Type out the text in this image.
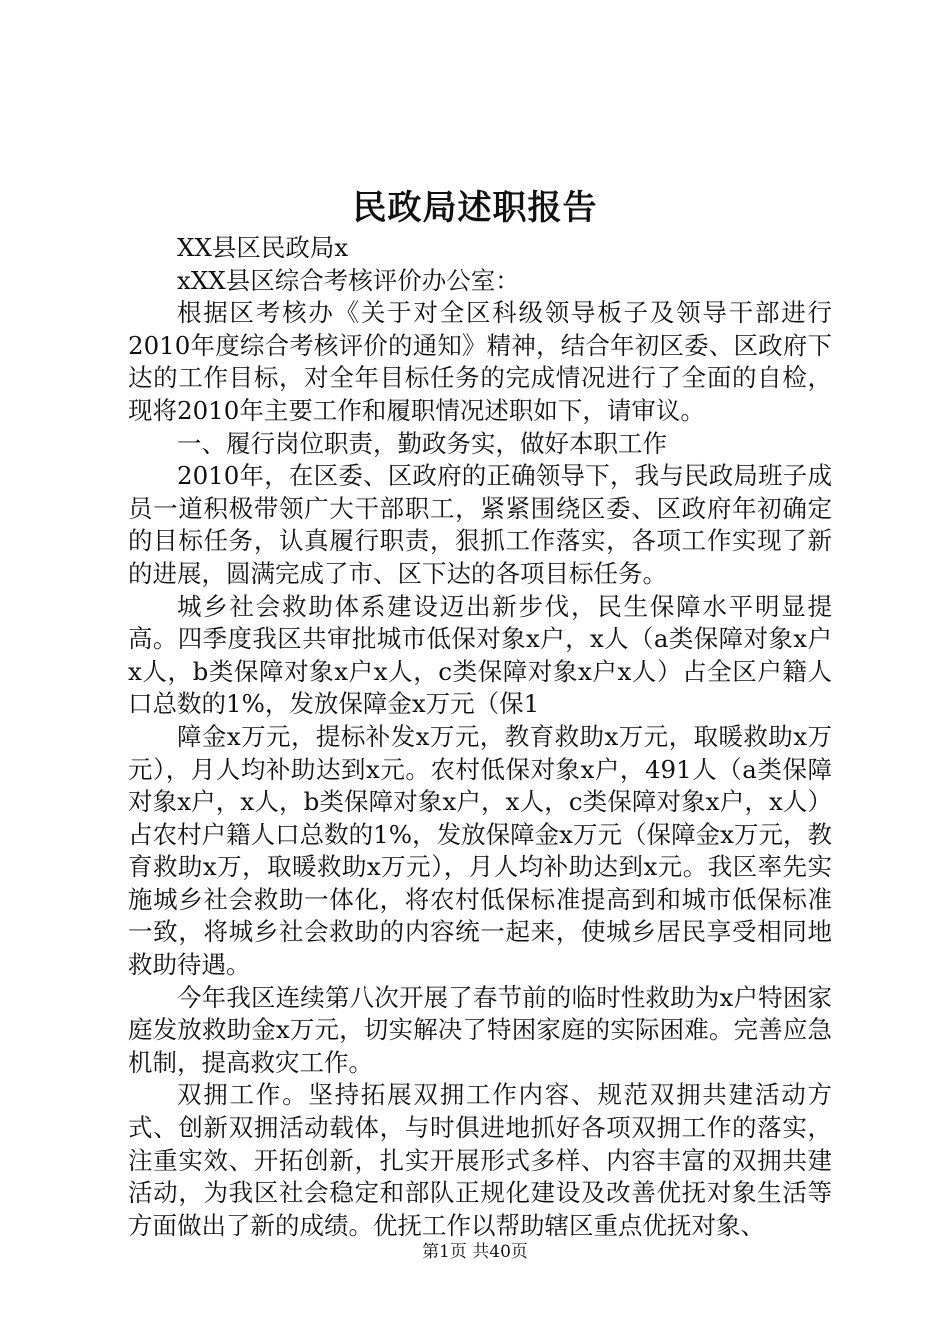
民政局述职报告

XX县区民政局x

xXX县区综合考核评价办公室：

根据区考核办《关于对全区科级领导板子及领导干部进行2010年度综合考核评价的通知》精神，结合年初区委、区政府下达的工作目标，对全年目标任务的完成情况进行了全面的自检，现将2010年主要工作和履职情况述职如下，请审议。

一、履行岗位职责，勤政务实，做好本职工作

2010年，在区委、区政府的正确领导下，我与民政局班子成员一道积极带领广大干部职工，紧紧围绕区委、区政府年初确定的目标任务，认真履行职责，狠抓工作落实，各项工作实现了新的进展，圆满完成了市、区下达的各项目标任务。

城乡社会救助体系建设迈出新步伐，民生保障水平明显提高。四季度我区共审批城市低保对象x户，x人（a类保障对象x户x人，b类保障对象x户x人，c类保障对象x户x人）占全区户籍人口总数的1%，发放保障金x万元（保1

障金x万元，提标补发x万元，教育救助x万元，取暖救助x万元），月人均补助达到x元。农村低保对象x户，491人（a类保障对象x户，x人，b类保障对象x户，x人，c类保障对象x户，x人）占农村户籍人口总数的1%，发放保障金x万元（保障金x万元，教育救助x万，取暖救助x万元），月人均补助达到x元。我区率先实施城乡社会救助一体化，将农村低保标准提高到和城市低保标准一致，将城乡社会救助的内容统一起来，使城乡居民享受相同地救助待遇。

今年我区连续第八次开展了春节前的临时性救助为x户特困家庭发放救助金x万元，切实解决了特困家庭的实际困难。完善应急机制，提高救灾工作。

双拥工作。坚持拓展双拥工作内容、规范双拥共建活动方式、创新双拥活动载体，与时俱进地抓好各项双拥工作的落实，注重实效、开拓创新，扎实开展形式多样、内容丰富的双拥共建活动，为我区社会稳定和部队正规化建设及改善优抚对象生活等方面做出了新的成绩。优抚工作以帮助辖区重点优抚对象、

第1页 共40页
